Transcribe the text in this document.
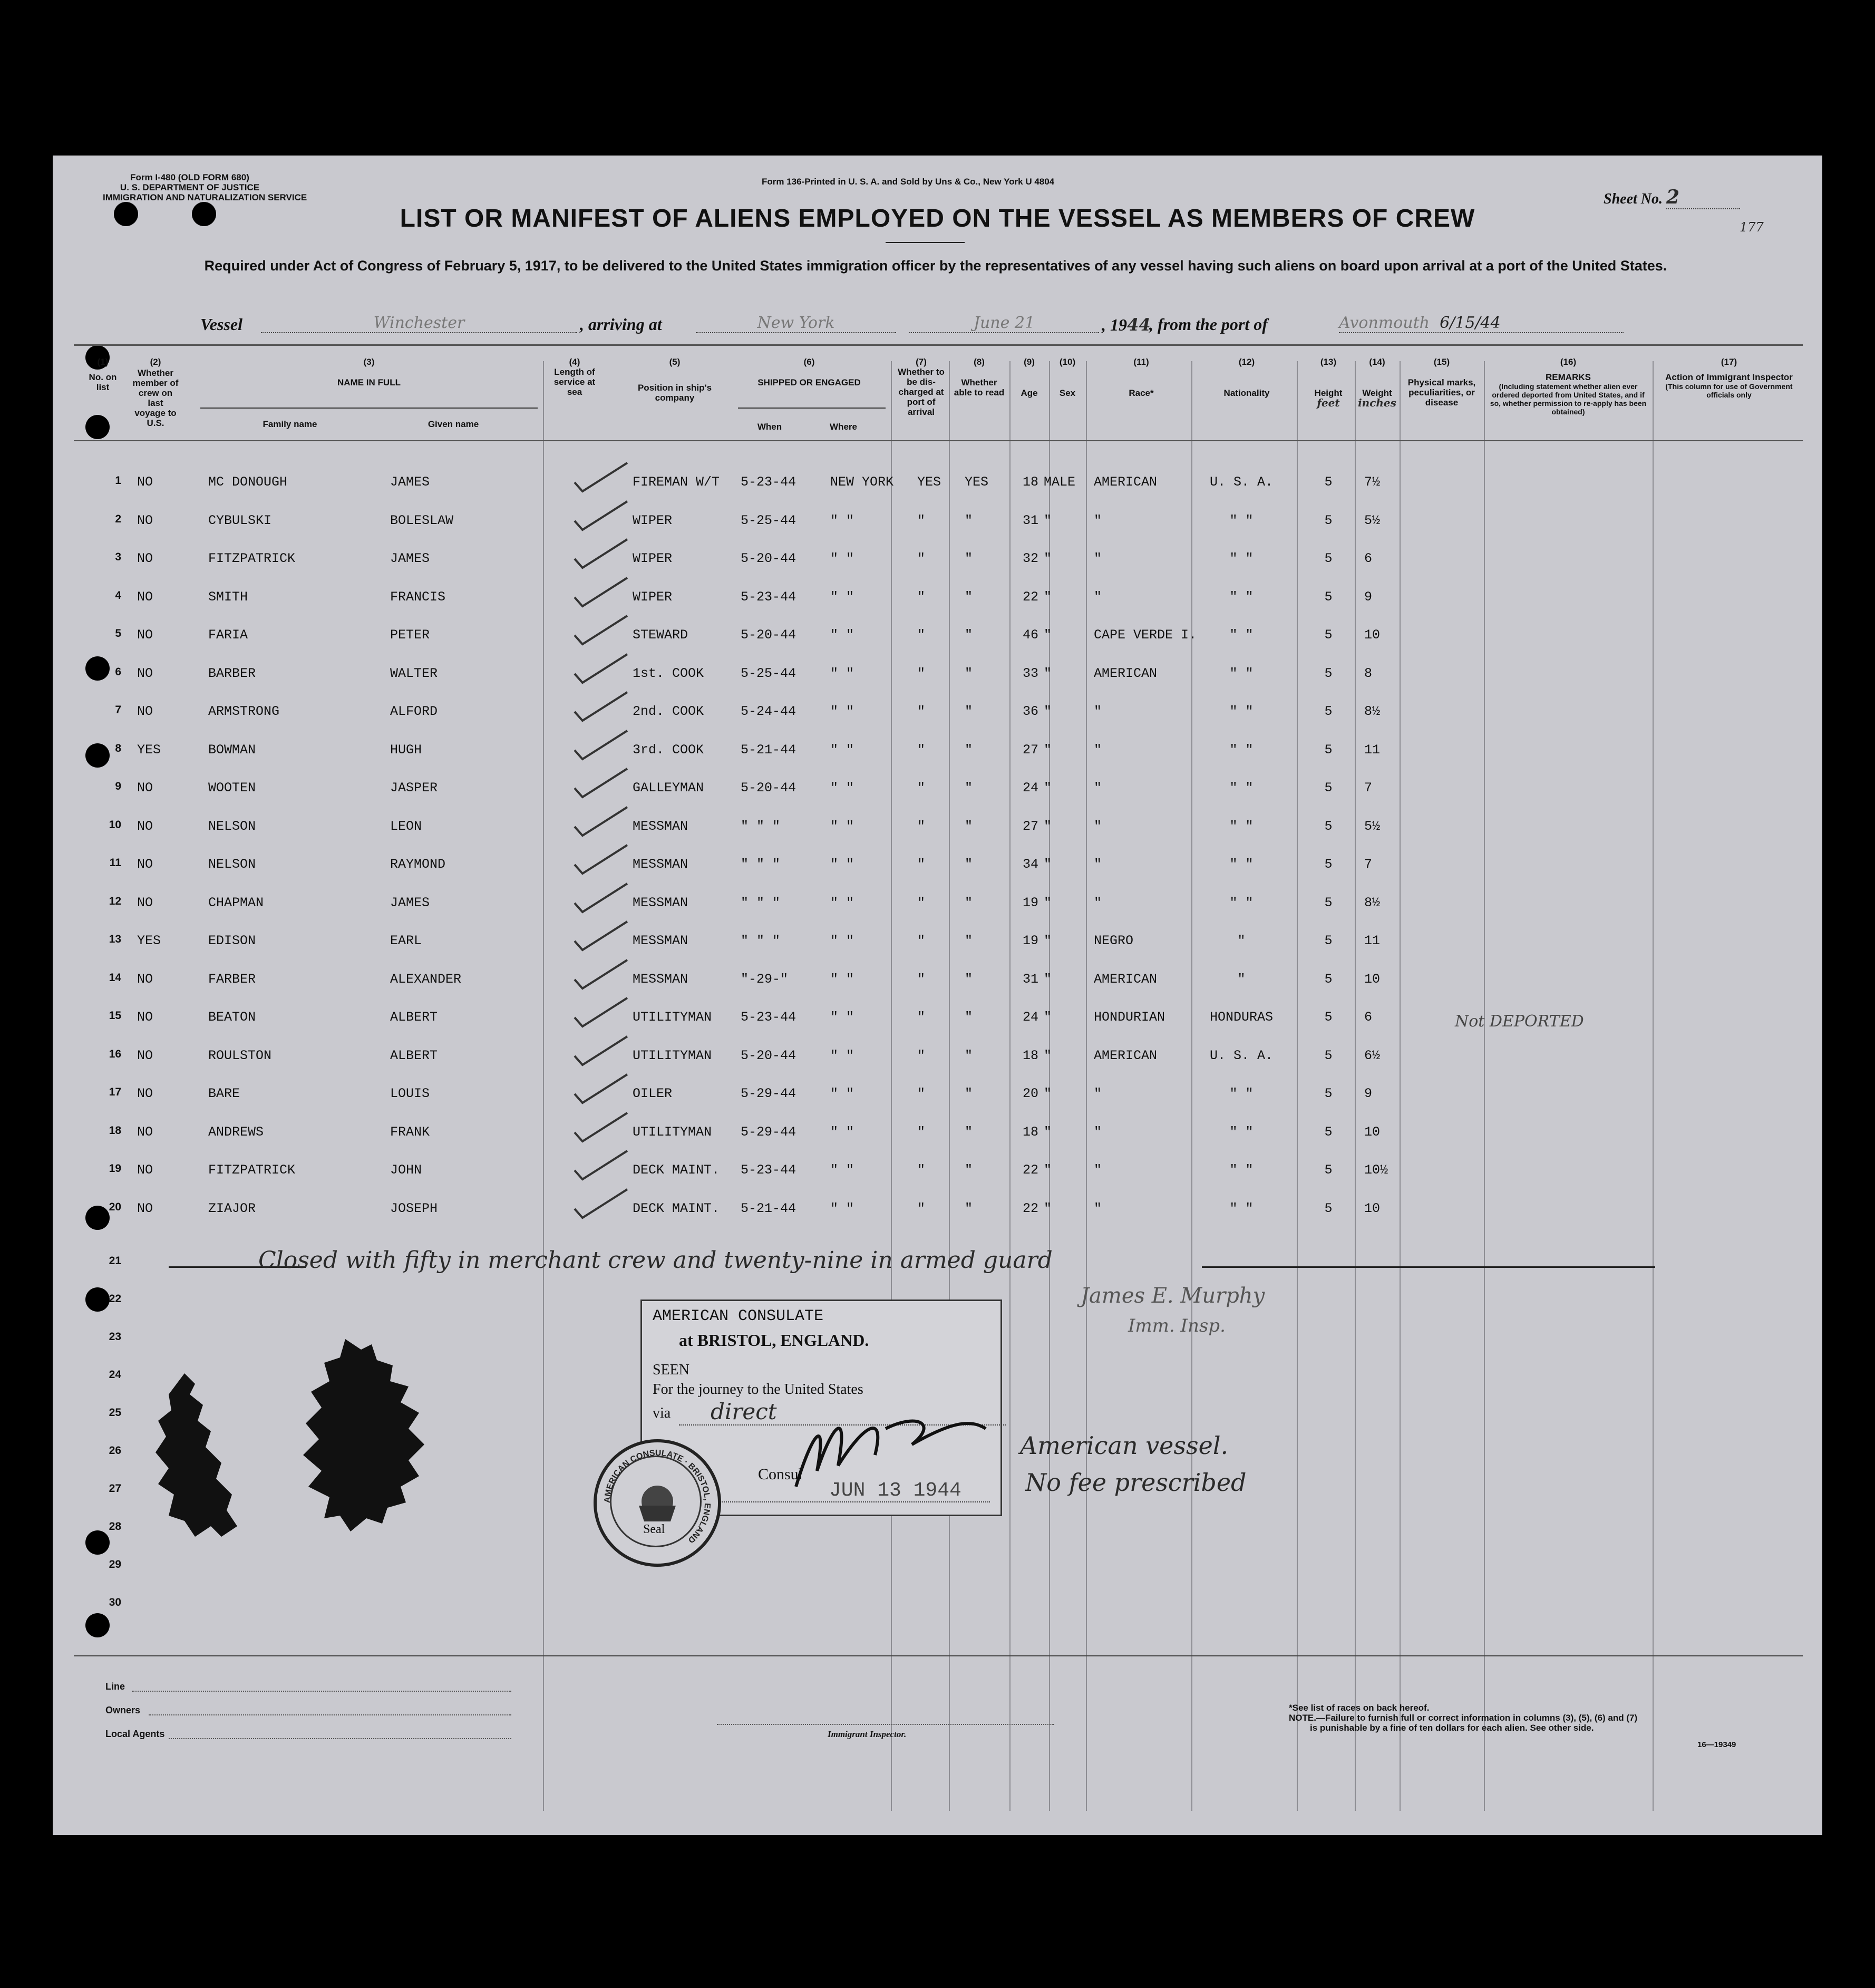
Form I-480 (OLD FORM 680)
U. S. DEPARTMENT OF JUSTICE
IMMIGRATION AND NATURALIZATION SERVICE
Form 136-Printed in U. S. A. and Sold by Uns & Co., New York U 4804
Sheet No. 2
177
LIST OR MANIFEST OF ALIENS EMPLOYED ON THE VESSEL AS MEMBERS OF CREW
Required under Act of Congress of February 5, 1917, to be delivered to the United States immigration officer by the representatives of any vessel having such aliens on board upon arrival at a port of the United States.
Vessel	Winchester	, arriving at	New York	June 21	, 1944
, from the port of	Avonmouth 6/15/44
(1)
No. on list
(2)
Whether member of crew on last voyage to U.S.
(3)
NAME IN FULL
Family name	Given name
(4)
Length of service at sea
(5)
Position in ship's company
(6)
SHIPPED OR ENGAGED
When	Where
(7)
Whether to be dis-charged at port of arrival
(8)
Whether able to read
(9)
Age
(10)
Sex
(11)
Race*
(12)
Nationality
(13)
Height
feet
(14)
Weight
inches
(15)
Physical marks, peculiarities, or disease
(16)
REMARKS
(Including statement whether alien ever ordered deported from United States, and if so, whether permission to re-apply has been obtained)
(17)
Action of Immigrant Inspector
(This column for use of Government officials only
1 NO	MC DONOUGH	JAMES	FIREMAN W/T	5-23-44	NEW YORK YES	YES	18 MALE	AMERICAN	U. S. A.	5	7½
2 NO	CYBULSKI	BOLESLAW	WIPER	5-25-44	" "	"	"	31 "	"	" "	5	5½
3 NO	FITZPATRICK	JAMES	WIPER	5-20-44	" "	"	"	32 "	"	" "	5	6
4 NO	SMITH	FRANCIS	WIPER	5-23-44	" "	"	"	22 "	"	" "	5	9
5 NO	FARIA	PETER	STEWARD	5-20-44	" "	"	"	46 "	CAPE VERDE I.	" "	5	10
6 NO	BARBER	WALTER	1st. COOK	5-25-44	" "	"	"	33 "	AMERICAN	" "	5	8
7 NO	ARMSTRONG	ALFORD	2nd. COOK	5-24-44	" "	"	"	36 "	"	" "	5	8½
8 YES	BOWMAN	HUGH	3rd. COOK	5-21-44	" "	"	"	27 "	"	" "	5	11
9 NO	WOOTEN	JASPER	GALLEYMAN	5-20-44	" "	"	"	24 "	"	" "	5	7
10 NO	NELSON	LEON	MESSMAN	" " "	" "	"	"	27 "	"	" "	5	5½
11 NO	NELSON	RAYMOND	MESSMAN	" " "	" "	"	"	34 "	"	" "	5	7
12 NO	CHAPMAN	JAMES	MESSMAN	" " "	" "	"	"	19 "	"	" "	5	8½
13 YES	EDISON	EARL	MESSMAN	" " "	" "	"	"	19 "	NEGRO	"	5	11
14 NO	FARBER	ALEXANDER	MESSMAN	"-29-"	" "	"	"	31 "	AMERICAN	"	5	10
15 NO	BEATON	ALBERT	UTILITYMAN	5-23-44	" "	"	"	24 "	HONDURIAN	HONDURAS	5	6
16 NO	ROULSTON	ALBERT	UTILITYMAN	5-20-44	" "	"	"	18 "	AMERICAN	U. S. A.	5	6½
17 NO	BARE	LOUIS	OILER	5-29-44	" "	"	"	20 "	"	" "	5	9
18 NO	ANDREWS	FRANK	UTILITYMAN	5-29-44	" "	"	"	18 "	"	" "	5	10
19 NO	FITZPATRICK	JOHN	DECK MAINT.	5-23-44	" "	"	"	22 "	"	" "	5	10½
20 NO	ZIAJOR	JOSEPH	DECK MAINT.	5-21-44	" "	"	"	22 "	"	" "	5	10
21
22
23
24
25
26
27
28
29
30
Not DEPORTED
Closed with fifty in merchant crew and twenty-nine in armed guard
James E. Murphy
Imm. Insp.
AMERICAN CONSULATE
at BRISTOL, ENGLAND.
SEEN
For the journey to the United States
via	direct
Consul
JUN 13 1944
AMERICAN CONSULATE · BRISTOL, ENGLAND
Seal
American vessel.
No fee prescribed
Line
Owners
Local Agents	Immigrant Inspector.
*See list of races on back hereof.
NOTE.—Failure to furnish full or correct information in columns (3), (5), (6) and (7)
is punishable by a fine of ten dollars for each alien. See other side.
16—19349
